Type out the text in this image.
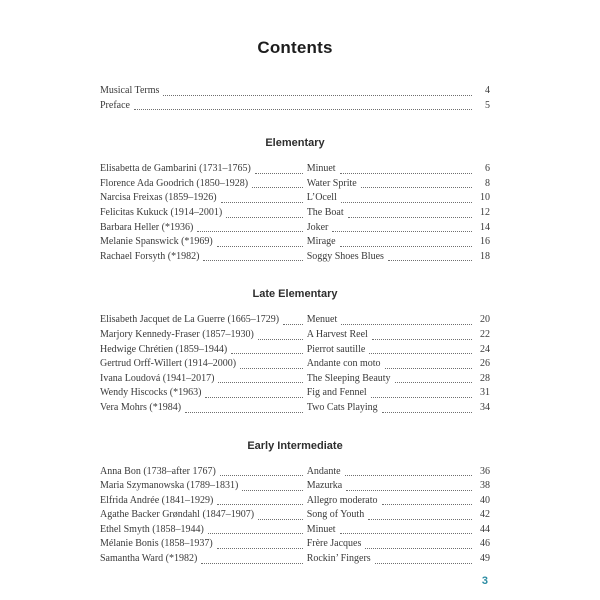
Contents
Musical Terms	4
Preface	5
Elementary
Elisabetta de Gambarini (1731–1765)	Minuet	6
Florence Ada Goodrich (1850–1928)	Water Sprite	8
Narcisa Freixas (1859–1926)	L’Ocell	10
Felicitas Kukuck (1914–2001)	The Boat	12
Barbara Heller (*1936)	Joker	14
Melanie Spanswick (*1969)	Mirage	16
Rachael Forsyth (*1982)	Soggy Shoes Blues	18
Late Elementary
Elisabeth Jacquet de La Guerre (1665–1729)	Menuet	20
Marjory Kennedy-Fraser (1857–1930)	A Harvest Reel	22
Hedwige Chrétien (1859–1944)	Pierrot sautille	24
Gertrud Orff-Willert (1914–2000)	Andante con moto	26
Ivana Loudová (1941–2017)	The Sleeping Beauty	28
Wendy Hiscocks (*1963)	Fig and Fennel	31
Vera Mohrs (*1984)	Two Cats Playing	34
Early Intermediate
Anna Bon (1738–after 1767)	Andante	36
Maria Szymanowska (1789–1831)	Mazurka	38
Elfrida Andrée (1841–1929)	Allegro moderato	40
Agathe Backer Grøndahl (1847–1907)	Song of Youth	42
Ethel Smyth (1858–1944)	Minuet	44
Mélanie Bonis (1858–1937)	Frère Jacques	46
Samantha Ward (*1982)	Rockin’ Fingers	49
3
